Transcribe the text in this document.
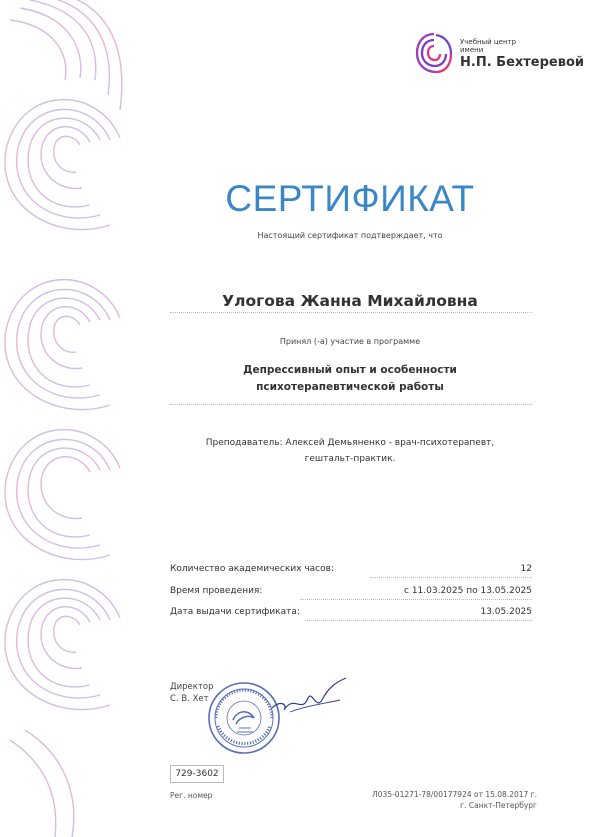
Учебный центр
имени
Н.П. Бехтеревой
СЕРТИФИКАТ
Настоящий сертификат подтверждает, что
Улогова Жанна Михайловна
Принял (-а) участие в программе
Депрессивный опыт и особенности
психотерапевтической работы
Преподаватель: Алексей Демьяненко - врач-психотерапевт,
гештальт-практик.
Количество академических часов:	12
Время проведения:	с 11.03.2025 по 13.05.2025
Дата выдачи сертификата:	13.05.2025
Директор
С. В. Хет
729-3602
Рег. номер	Л035-01271-78/00177924 от 15.08.2017 г.
г. Санкт-Петербург
